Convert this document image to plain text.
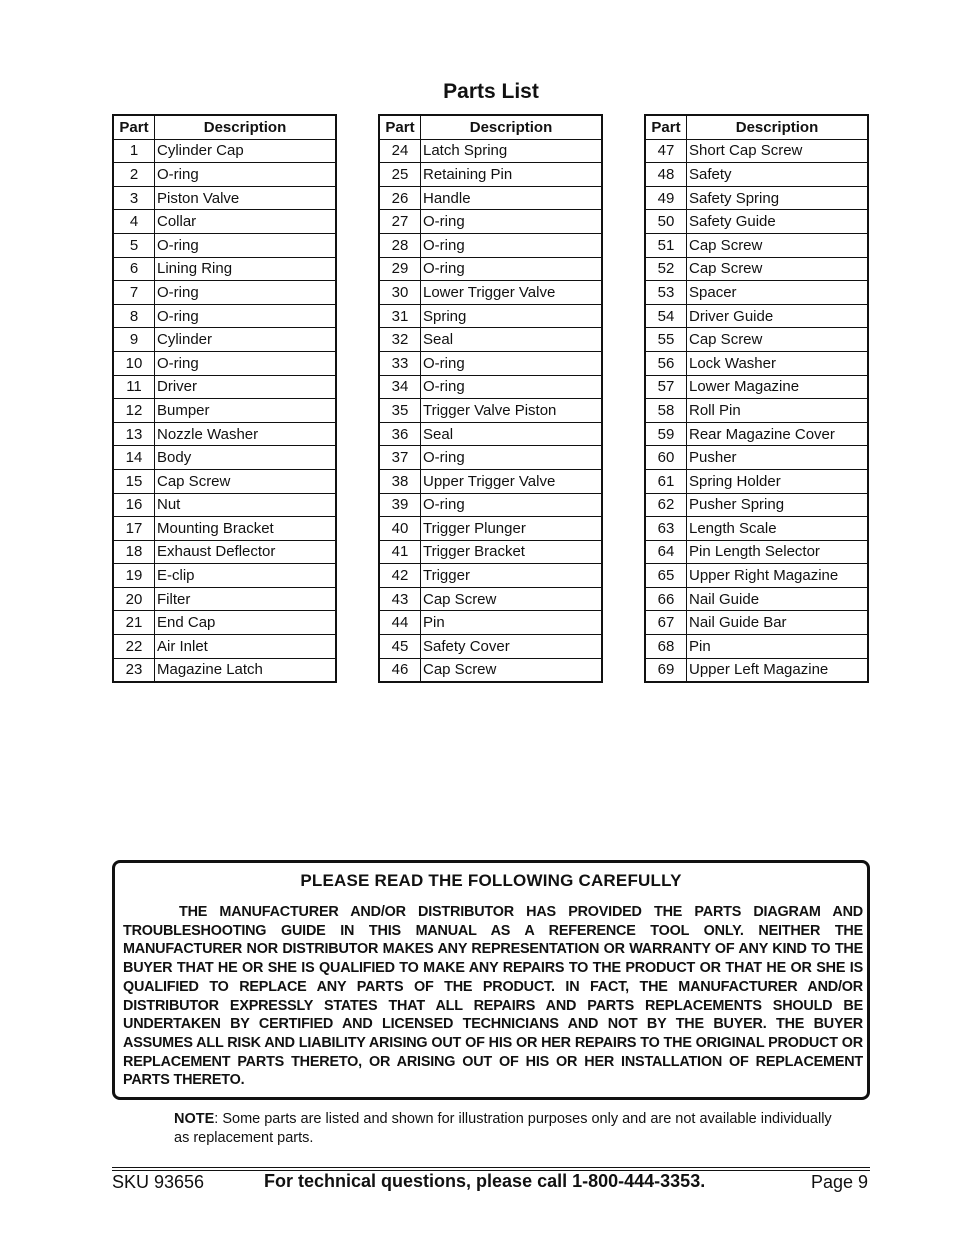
Parts List
Part	Description
1	Cylinder Cap
2	O-ring
3	Piston Valve
4	Collar
5	O-ring
6	Lining Ring
7	O-ring
8	O-ring
9	Cylinder
10	O-ring
11	Driver
12	Bumper
13	Nozzle Washer
14	Body
15	Cap Screw
16	Nut
17	Mounting Bracket
18	Exhaust Deflector
19	E-clip
20	Filter
21	End Cap
22	Air Inlet
23	Magazine Latch
Part	Description
24	Latch Spring
25	Retaining Pin
26	Handle
27	O-ring
28	O-ring
29	O-ring
30	Lower Trigger Valve
31	Spring
32	Seal
33	O-ring
34	O-ring
35	Trigger Valve Piston
36	Seal
37	O-ring
38	Upper Trigger Valve
39	O-ring
40	Trigger Plunger
41	Trigger Bracket
42	Trigger
43	Cap Screw
44	Pin
45	Safety Cover
46	Cap Screw
Part	Description
47	Short Cap Screw
48	Safety
49	Safety Spring
50	Safety Guide
51	Cap Screw
52	Cap Screw
53	Spacer
54	Driver Guide
55	Cap Screw
56	Lock Washer
57	Lower Magazine
58	Roll Pin
59	Rear Magazine Cover
60	Pusher
61	Spring Holder
62	Pusher Spring
63	Length Scale
64	Pin Length Selector
65	Upper Right Magazine
66	Nail Guide
67	Nail Guide Bar
68	Pin
69	Upper Left Magazine
PLEASE READ THE FOLLOWING CAREFULLY
THE MANUFACTURER AND/OR DISTRIBUTOR HAS PROVIDED THE PARTS DIAGRAM AND TROUBLESHOOTING GUIDE IN THIS MANUAL AS A REFERENCE TOOL ONLY. NEITHER THE MANUFACTURER NOR DISTRIBUTOR MAKES ANY REPRESENTATION OR WARRANTY OF ANY KIND TO THE BUYER THAT HE OR SHE IS QUALIFIED TO MAKE ANY REPAIRS TO THE PRODUCT OR THAT HE OR SHE IS QUALIFIED TO REPLACE ANY PARTS OF THE PRODUCT. IN FACT, THE MANUFACTURER AND/OR DISTRIBUTOR EXPRESSLY STATES THAT ALL REPAIRS AND PARTS REPLACEMENTS SHOULD BE UNDERTAKEN BY CERTIFIED AND LICENSED TECHNICIANS AND NOT BY THE BUYER. THE BUYER ASSUMES ALL RISK AND LIABILITY ARISING OUT OF HIS OR HER REPAIRS TO THE ORIGINAL PRODUCT OR REPLACEMENT PARTS THERETO, OR ARISING OUT OF HIS OR HER INSTALLATION OF REPLACEMENT PARTS THERETO.
NOTE: Some parts are listed and shown for illustration purposes only and are not available individually as replacement parts.
SKU 93656	For technical questions, please call 1-800-444-3353.	Page 9
